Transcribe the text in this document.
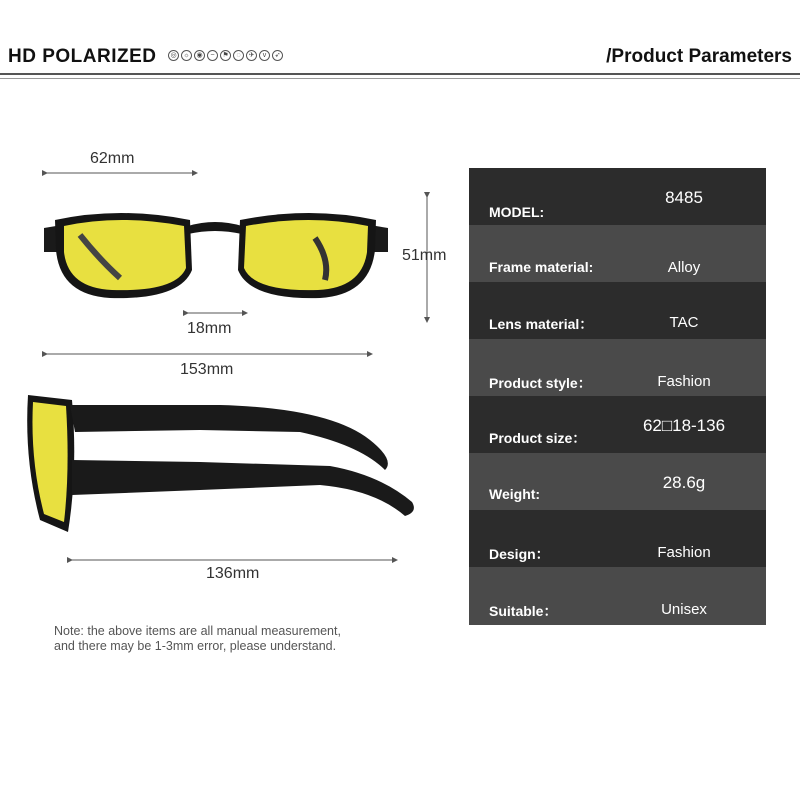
HD POLARIZED	◎ ☼ ◉	~	⚑	◌	✈	v	➶	/Product Parameters
62mm
51mm
18mm
153mm
136mm
MODEL:
8485
Frame material:	Alloy
Lens material：	TAC
Product style：	Fashion
Product size：
62□18-136
Weight:
28.6g
Design：	Fashion
Suitable：	Unisex
Note: the above items are all manual measurement,
and there may be 1-3mm error, please understand.
